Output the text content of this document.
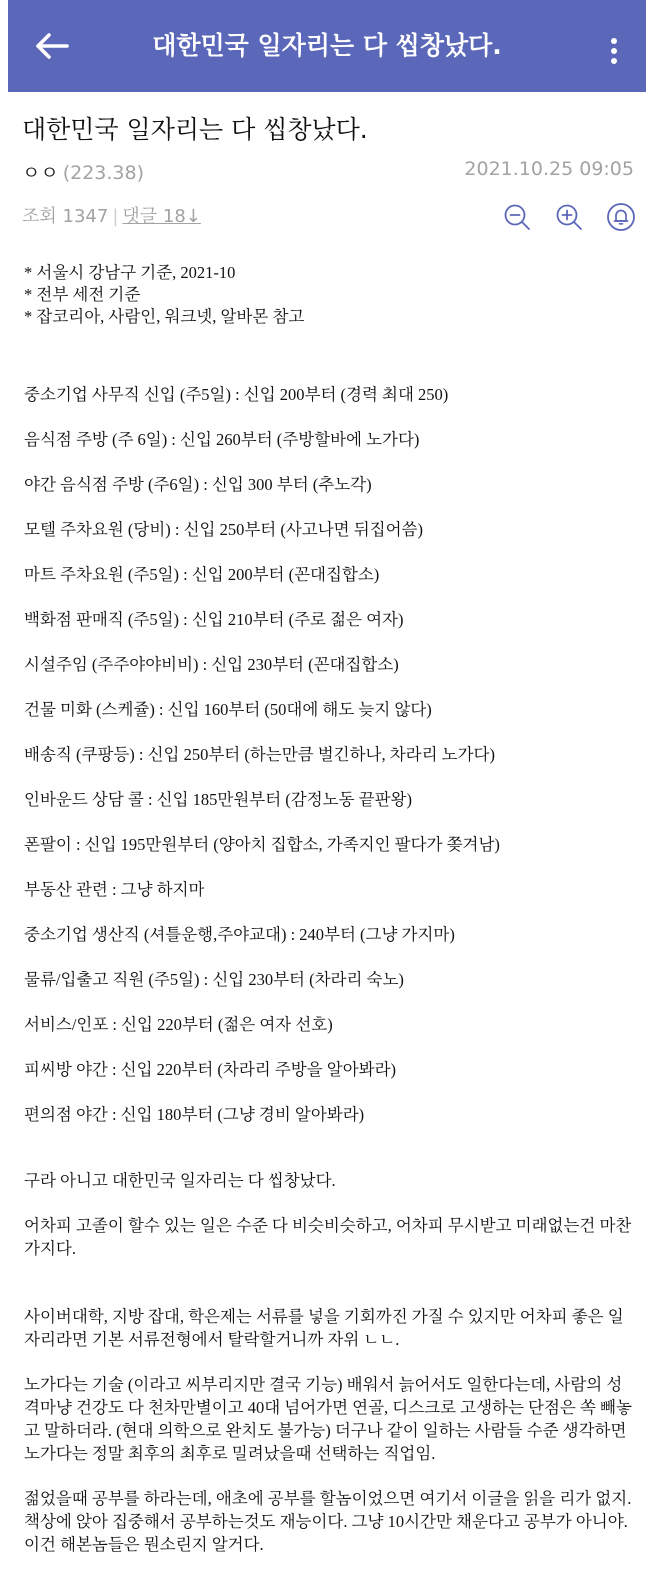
대한민국 일자리는 다 씹창났다.
대한민국 일자리는 다 씹창났다.
ㅇㅇ (223.38)	2021.10.25 09:05
조회 1347 | 댓글 18↓

* 서울시 강남구 기준, 2021-10

* 전부 세전 기준

* 잡코리아, 사람인, 워크넷, 알바몬 참고

중소기업 사무직 신입 (주5일) : 신입 200부터 (경력 최대 250)

음식점 주방 (주 6일) : 신입 260부터 (주방할바에 노가다)

야간 음식점 주방 (주6일) : 신입 300 부터 (추노각)

모텔 주차요원 (당비) : 신입 250부터 (사고나면 뒤집어씀)

마트 주차요원 (주5일) : 신입 200부터 (꼰대집합소)

백화점 판매직 (주5일) : 신입 210부터 (주로 젊은 여자)

시설주임 (주주야야비비) : 신입 230부터 (꼰대집합소)

건물 미화 (스케쥴) : 신입 160부터 (50대에 해도 늦지 않다)

배송직 (쿠팡등) : 신입 250부터 (하는만큼 벌긴하나, 차라리 노가다)

인바운드 상담 콜 : 신입 185만원부터 (감정노동 끝판왕)

폰팔이 : 신입 195만원부터 (양아치 집합소, 가족지인 팔다가 쫒겨남)

부동산 관련 : 그냥 하지마

중소기업 생산직 (셔틀운행,주야교대) : 240부터 (그냥 가지마)

물류/입출고 직원 (주5일) : 신입 230부터 (차라리 숙노)

서비스/인포 : 신입 220부터 (젊은 여자 선호)

피씨방 야간 : 신입 220부터 (차라리 주방을 알아봐라)

편의점 야간 : 신입 180부터 (그냥 경비 알아봐라)

구라 아니고 대한민국 일자리는 다 씹창났다.

어차피 고졸이 할수 있는 일은 수준 다 비슷비슷하고, 어차피 무시받고 미래없는건 마찬가지다.

사이버대학, 지방 잡대, 학은제는 서류를 넣을 기회까진 가질 수 있지만 어차피 좋은 일자리라면 기본 서류전형에서 탈락할거니까 자위 ㄴㄴ.

노가다는 기술 (이라고 씨부리지만 결국 기능) 배워서 늙어서도 일한다는데, 사람의 성격마냥 건강도 다 천차만별이고 40대 넘어가면 연골, 디스크로 고생하는 단점은 쏙 빼놓고 말하더라. (현대 의학으로 완치도 불가능) 더구나 같이 일하는 사람들 수준 생각하면 노가다는 정말 최후의 최후로 밀려났을때 선택하는 직업임.

젊었을때 공부를 하라는데, 애초에 공부를 할놈이었으면 여기서 이글을 읽을 리가 없지. 책상에 앉아 집중해서 공부하는것도 재능이다. 그냥 10시간만 채운다고 공부가 아니야. 이건 해본놈들은 뭔소린지 알거다.
